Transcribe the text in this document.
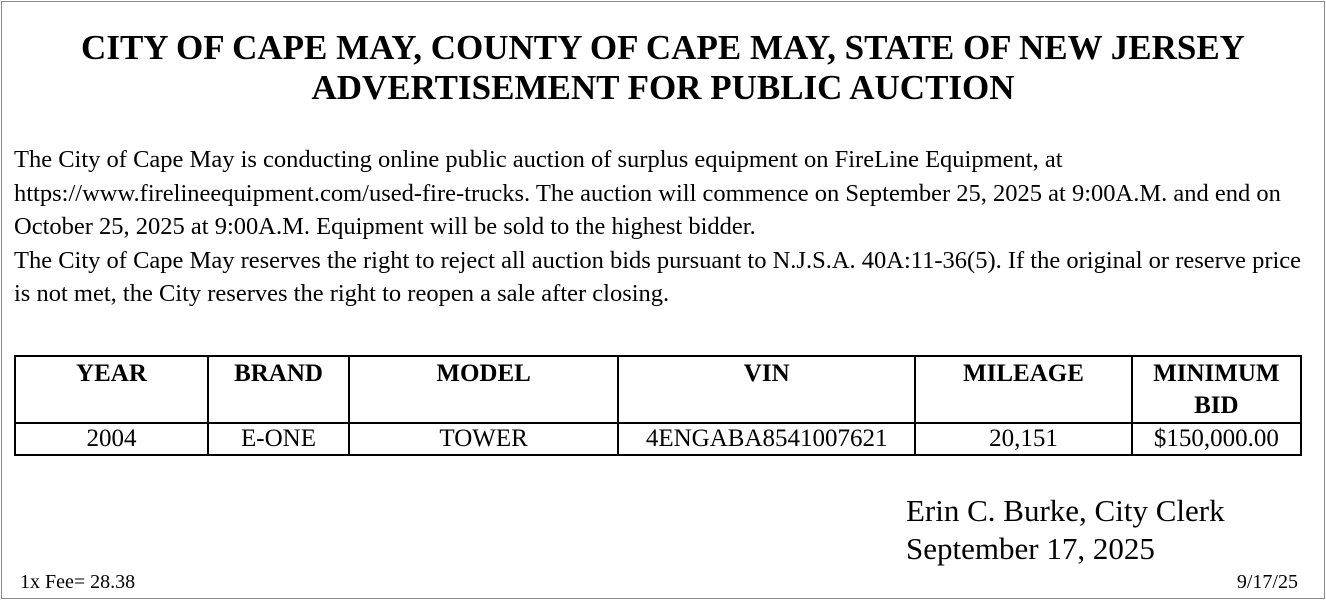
CITY OF CAPE MAY, COUNTY OF CAPE MAY, STATE OF NEW JERSEY
ADVERTISEMENT FOR PUBLIC AUCTION

The City of Cape May is conducting online public auction of surplus equipment on FireLine Equipment, at https://www.firelineequipment.com/used-fire-trucks. The auction will commence on September 25, 2025 at 9:00A.M. and end on October 25, 2025 at 9:00A.M. Equipment will be sold to the highest bidder.

The City of Cape May reserves the right to reject all auction bids pursuant to N.J.S.A. 40A:11-36(5). If the original or reserve price is not met, the City reserves the right to reopen a sale after closing.

YEAR	BRAND	MODEL	VIN	MILEAGE	MINIMUM
BID

2004	E-ONE	TOWER	4ENGABA8541007621	20,151	$150,000.00
Erin C. Burke, City Clerk
September 17, 2025
1x Fee= 28.38	9/17/25
